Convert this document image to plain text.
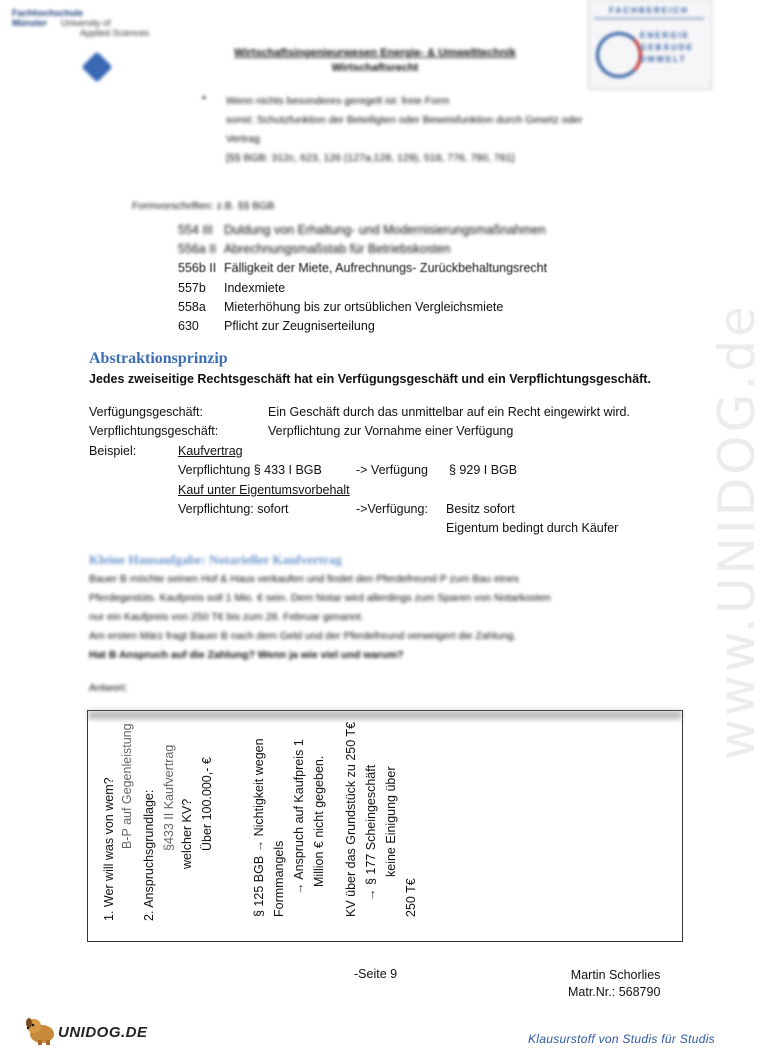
www.UNIDOG.de
Fachhochschule
Münster University of
Applied Sciences
FACHBEREICH
ENERGIE
GEBÄUDE
UMWELT
Wirtschaftsingenieurwesen Energie- & Umwelttechnik
Wirtschaftsrecht
• Wenn nichts besonderes geregelt ist: freie Form
sonst: Schutzfunktion der Beteiligten oder Beweisfunktion durch Gesetz oder
Vertrag
[§§ BGB: 312c, 623, 126 (127a,128, 129), 518, 776, 780, 781]
Formvorschriften: z.B. §§ BGB
554 III Duldung von Erhaltung- und Modernisierungsmaßnahmen
556a II Abrechnungsmaßstab für Betriebskosten
556b II Fälligkeit der Miete, Aufrechnungs- Zurückbehaltungsrecht
557b Indexmiete
558a Mieterhöhung bis zur ortsüblichen Vergleichsmiete
630 Pflicht zur Zeugniserteilung
Abstraktionsprinzip
Jedes zweiseitige Rechtsgeschäft hat ein Verfügungsgeschäft und ein Verpflichtungsgeschäft.
Verfügungsgeschäft:	Ein Geschäft durch das unmittelbar auf ein Recht eingewirkt wird.
Verpflichtungsgeschäft:	Verpflichtung zur Vornahme einer Verfügung
Beispiel:	Kaufvertrag
Verpflichtung § 433 I BGB	-> Verfügung § 929 I BGB
Kauf unter Eigentumsvorbehalt
Verpflichtung: sofort	->Verfügung: Besitz sofort
Eigentum bedingt durch Käufer
Kleine Hausaufgabe: Notarieller Kaufvertrag
Bauer B möchte seinen Hof & Haus verkaufen und findet den Pferdefreund P zum Bau eines
Pferdegestüts. Kaufpreis soll 1 Mio. € sein. Dem Notar wird allerdings zum Sparen von Notarkosten
nur ein Kaufpreis von 250 T€ bis zum 28. Februar genannt.
Am ersten März fragt Bauer B nach dem Geld und der Pferdefreund verweigert die Zahlung.
Hat B Anspruch auf die Zahlung? Wenn ja wie viel und warum?
Antwort:
1. Wer will was von wem? B-P auf Gegenleistung
2. Anspruchsgrundlage: §433 II Kaufvertrag welcher KV? Über 100.000,- €	§ 125 BGB → Nichtigkeit wegen Formmangels → Anspruch auf Kaufpreis 1 Million € nicht gegeben. KV über das Grundstück zu 250 T€ → § 177 Scheingeschäft keine Einigung über
250 T€
-Seite 9	Martin Schorlies
Matr.Nr.: 568790
UNIDOG.DE	Klausurstoff von Studis für Studis
